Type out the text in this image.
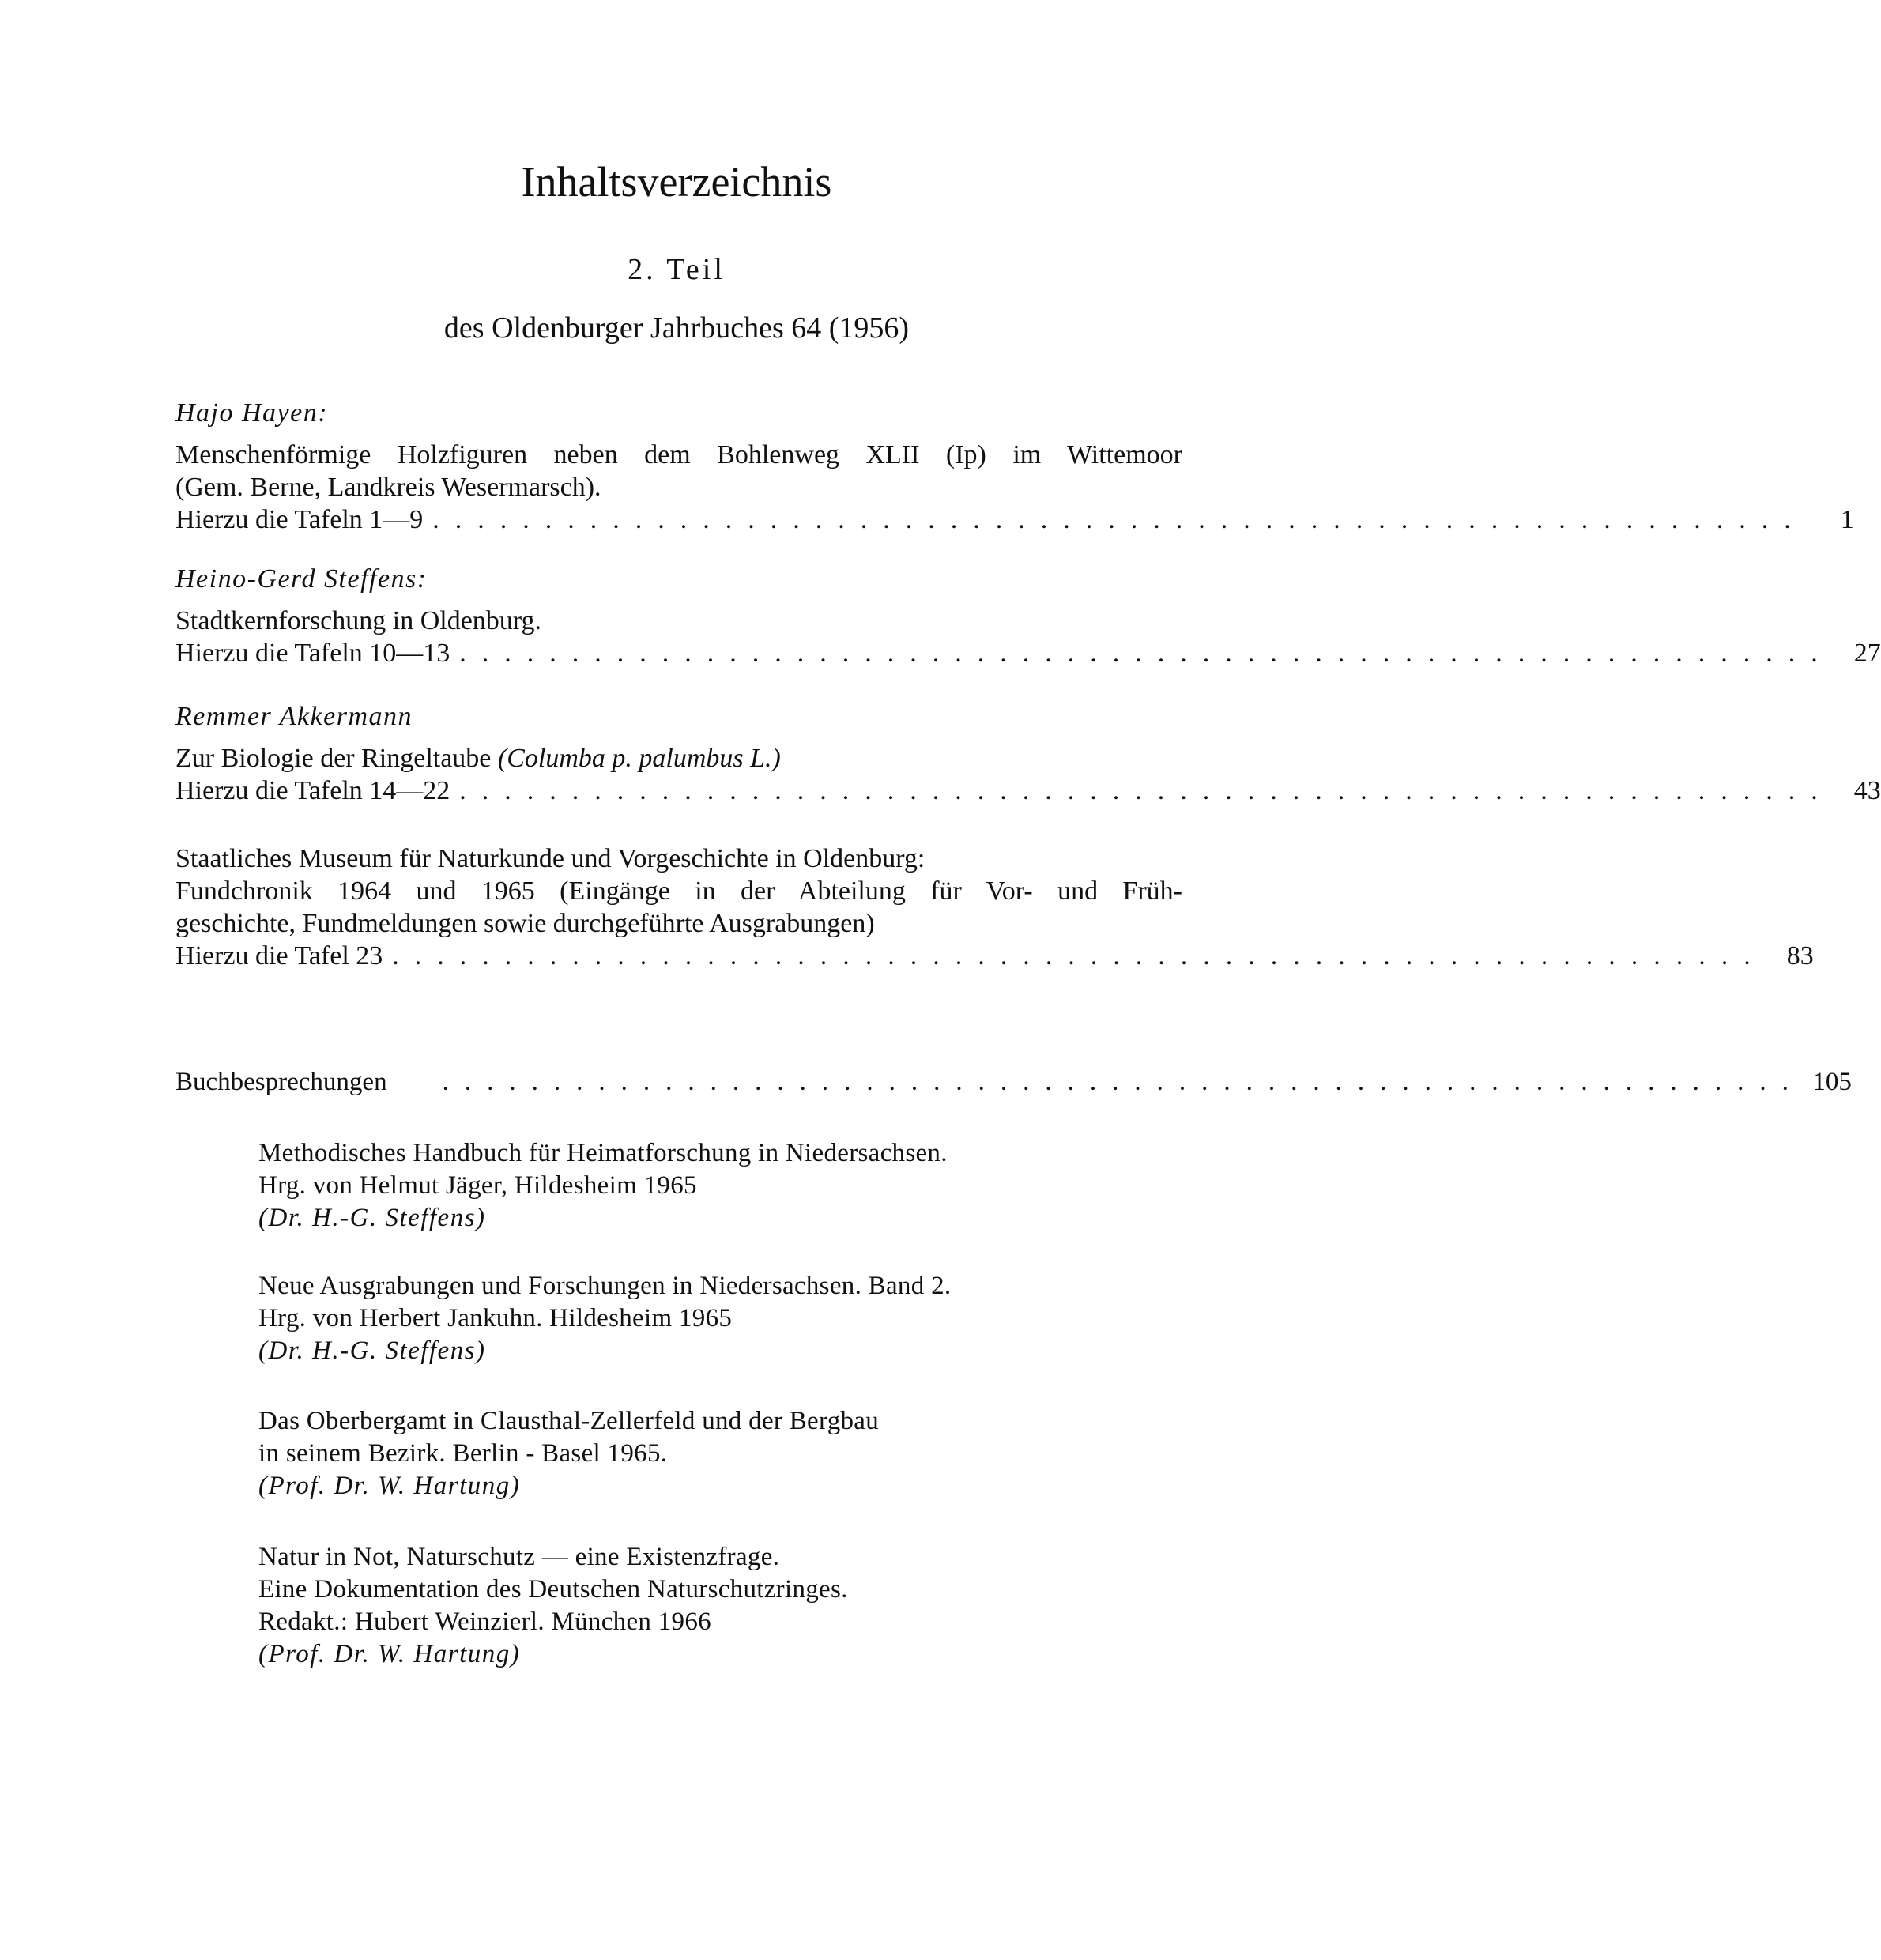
Inhaltsverzeichnis
2. Teil
des Oldenburger Jahrbuches 64 (1956)
Hajo Hayen:
Menschenförmige Holzfiguren neben dem Bohlenweg XLII (Ip) im Wittemoor
(Gem. Berne, Landkreis Wesermarsch).
Hierzu die Tafeln 1—9 .............................................................	1
Heino-Gerd Steffens:
Stadtkernforschung in Oldenburg.
Hierzu die Tafeln 10—13 ............................................................. 27
Remmer Akkermann
Zur Biologie der Ringeltaube (Columba p. palumbus L.)
Hierzu die Tafeln 14—22 ............................................................. 43
Staatliches Museum für Naturkunde und Vorgeschichte in Oldenburg:
Fundchronik 1964 und 1965 (Eingänge in der Abteilung für Vor- und Früh-
geschichte, Fundmeldungen sowie durchgeführte Ausgrabungen)
Hierzu die Tafel 23 ............................................................. 83
Buchbesprechungen	............................................................. 105
Methodisches Handbuch für Heimatforschung in Niedersachsen.
Hrg. von Helmut Jäger, Hildesheim 1965
(Dr. H.-G. Steffens)
Neue Ausgrabungen und Forschungen in Niedersachsen. Band 2.
Hrg. von Herbert Jankuhn. Hildesheim 1965
(Dr. H.-G. Steffens)
Das Oberbergamt in Clausthal-Zellerfeld und der Bergbau
in seinem Bezirk. Berlin - Basel 1965.
(Prof. Dr. W. Hartung)
Natur in Not, Naturschutz — eine Existenzfrage.
Eine Dokumentation des Deutschen Naturschutzringes.
Redakt.: Hubert Weinzierl. München 1966
(Prof. Dr. W. Hartung)
